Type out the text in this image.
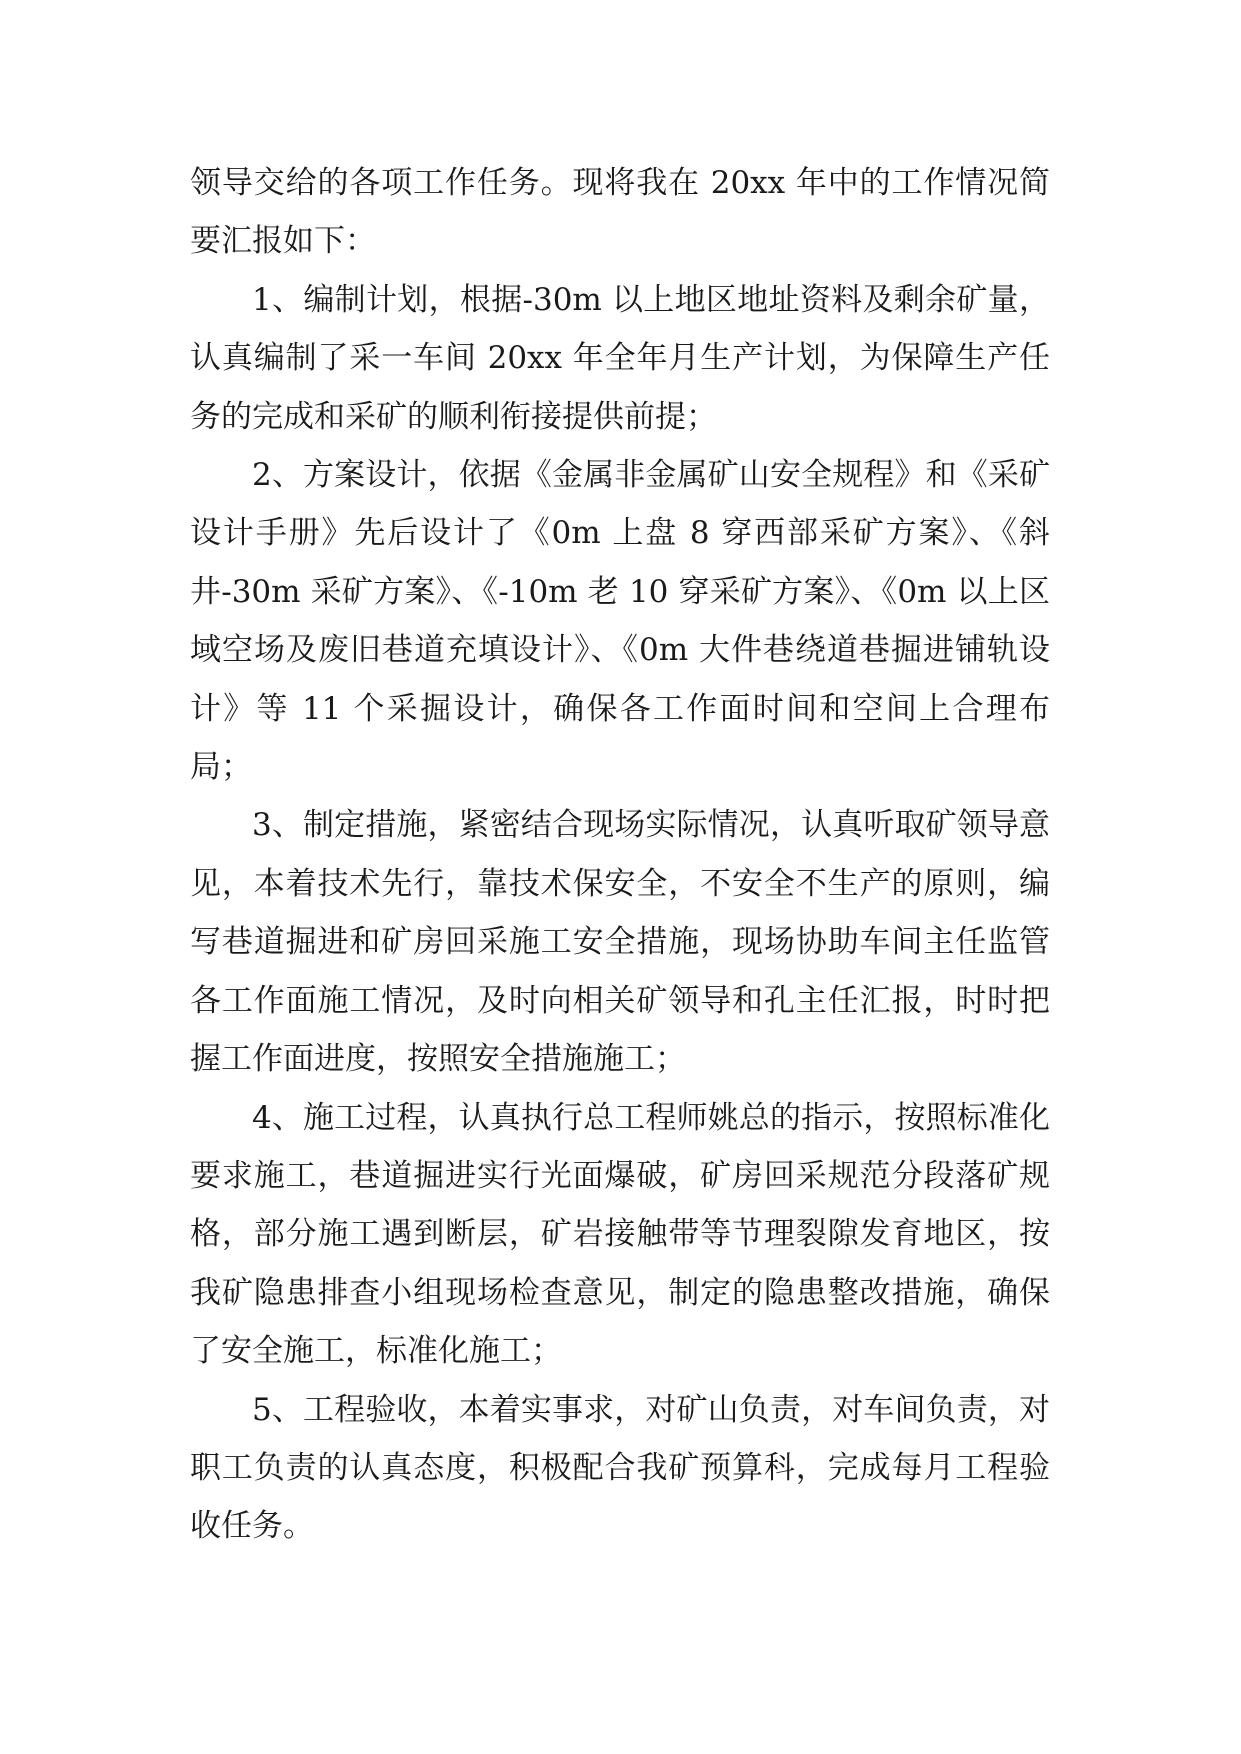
领导交给的各项工作任务。现将我在 20xx 年中的工作情况简要汇报如下：

1、编制计划，根据-30m 以上地区地址资料及剩余矿量，认真编制了采一车间 20xx 年全年月生产计划，为保障生产任务的完成和采矿的顺利衔接提供前提；

2、方案设计，依据《金属非金属矿山安全规程》和《采矿设计手册》先后设计了《0m 上盘 8 穿西部采矿方案》、《斜井-30m 采矿方案》、《-10m 老 10 穿采矿方案》、《0m 以上区域空场及废旧巷道充填设计》、《0m 大件巷绕道巷掘进铺轨设计》等 11 个采掘设计，确保各工作面时间和空间上合理布局；

3、制定措施，紧密结合现场实际情况，认真听取矿领导意见，本着技术先行，靠技术保安全，不安全不生产的原则，编写巷道掘进和矿房回采施工安全措施，现场协助车间主任监管各工作面施工情况，及时向相关矿领导和孔主任汇报，时时把握工作面进度，按照安全措施施工；

4、施工过程，认真执行总工程师姚总的指示，按照标准化要求施工，巷道掘进实行光面爆破，矿房回采规范分段落矿规格，部分施工遇到断层，矿岩接触带等节理裂隙发育地区，按我矿隐患排查小组现场检查意见，制定的隐患整改措施，确保了安全施工，标准化施工；

5、工程验收，本着实事求，对矿山负责，对车间负责，对职工负责的认真态度，积极配合我矿预算科，完成每月工程验收任务。
